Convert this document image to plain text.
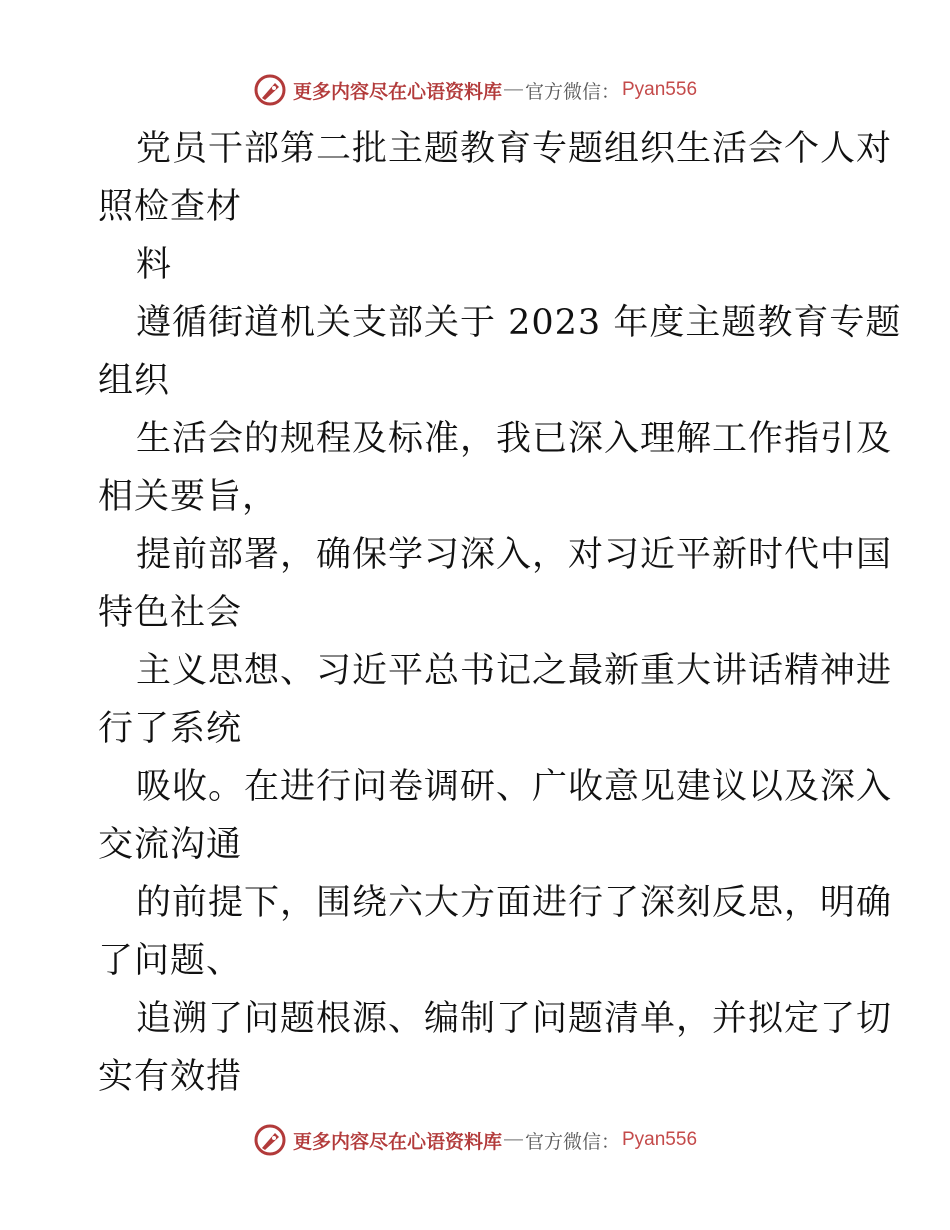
更多内容尽在心语资料库 — 官方微信： Pyan556
党员干部第二批主题教育专题组织生活会个人对
照检查材
料
遵循街道机关支部关于 2023 年度主题教育专题
组织
生活会的规程及标准，我已深入理解工作指引及
相关要旨，
提前部署，确保学习深入，对习近平新时代中国
特色社会
主义思想、习近平总书记之最新重大讲话精神进
行了系统
吸收。在进行问卷调研、广收意见建议以及深入
交流沟通
的前提下，围绕六大方面进行了深刻反思，明确
了问题、
追溯了问题根源、编制了问题清单，并拟定了切
实有效措
更多内容尽在心语资料库 — 官方微信： Pyan556
